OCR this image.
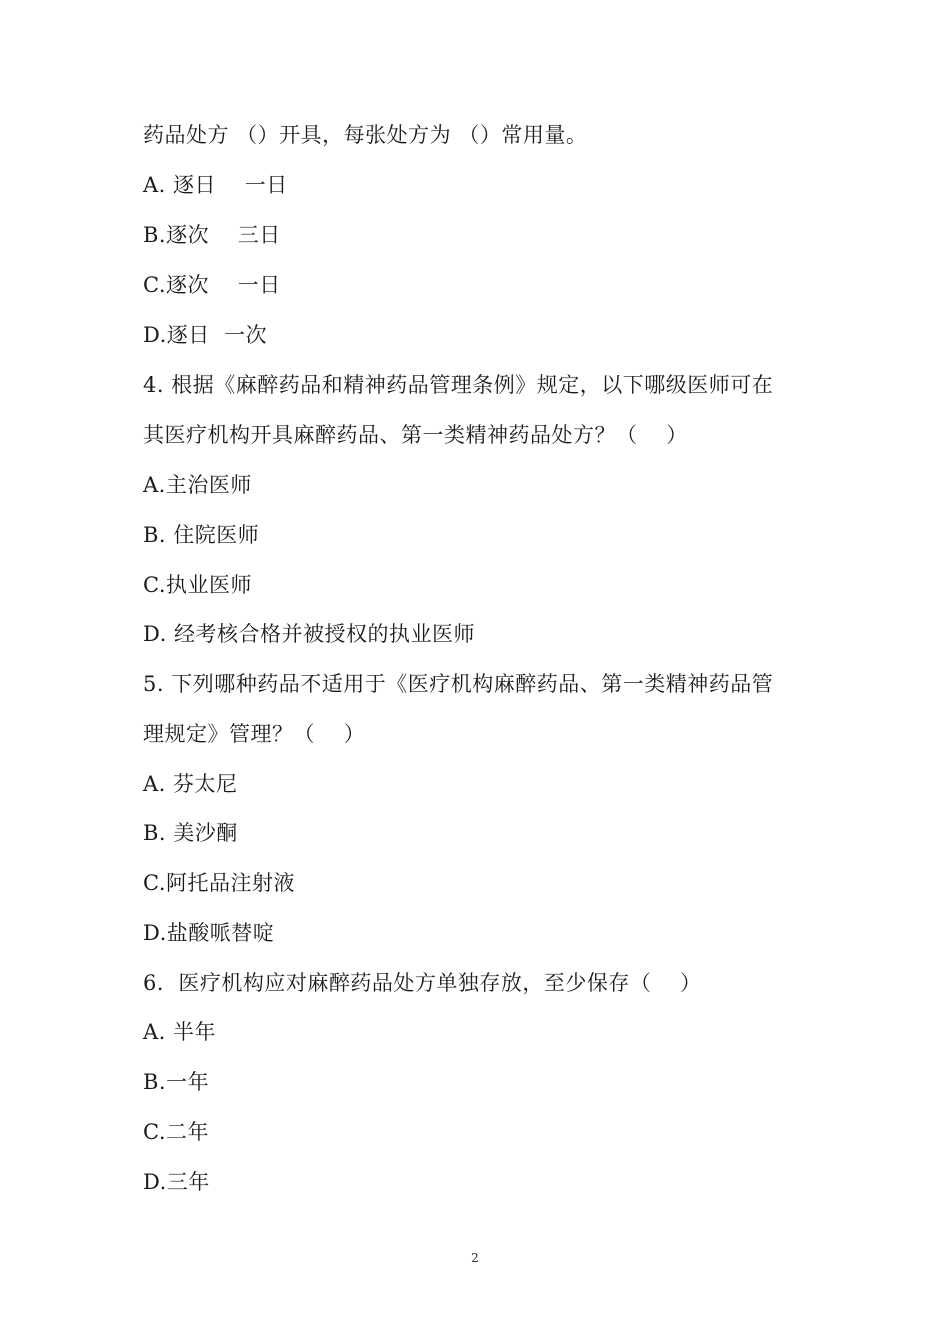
药品处方 （）开具，每张处方为 （）常用量。
A. 逐日    一日
B.逐次    三日
C.逐次    一日
D.逐日  一次
4. 根据《麻醉药品和精神药品管理条例》规定，以下哪级医师可在
其医疗机构开具麻醉药品、第一类精神药品处方？（    ）
A.主治医师
B. 住院医师
C.执业医师
D. 经考核合格并被授权的执业医师
5. 下列哪种药品不适用于《医疗机构麻醉药品、第一类精神药品管
理规定》管理？（    ）
A. 芬太尼
B. 美沙酮
C.阿托品注射液
D.盐酸哌替啶
6．医疗机构应对麻醉药品处方单独存放，至少保存（    ）
A. 半年
B.一年
C.二年
D.三年
2
